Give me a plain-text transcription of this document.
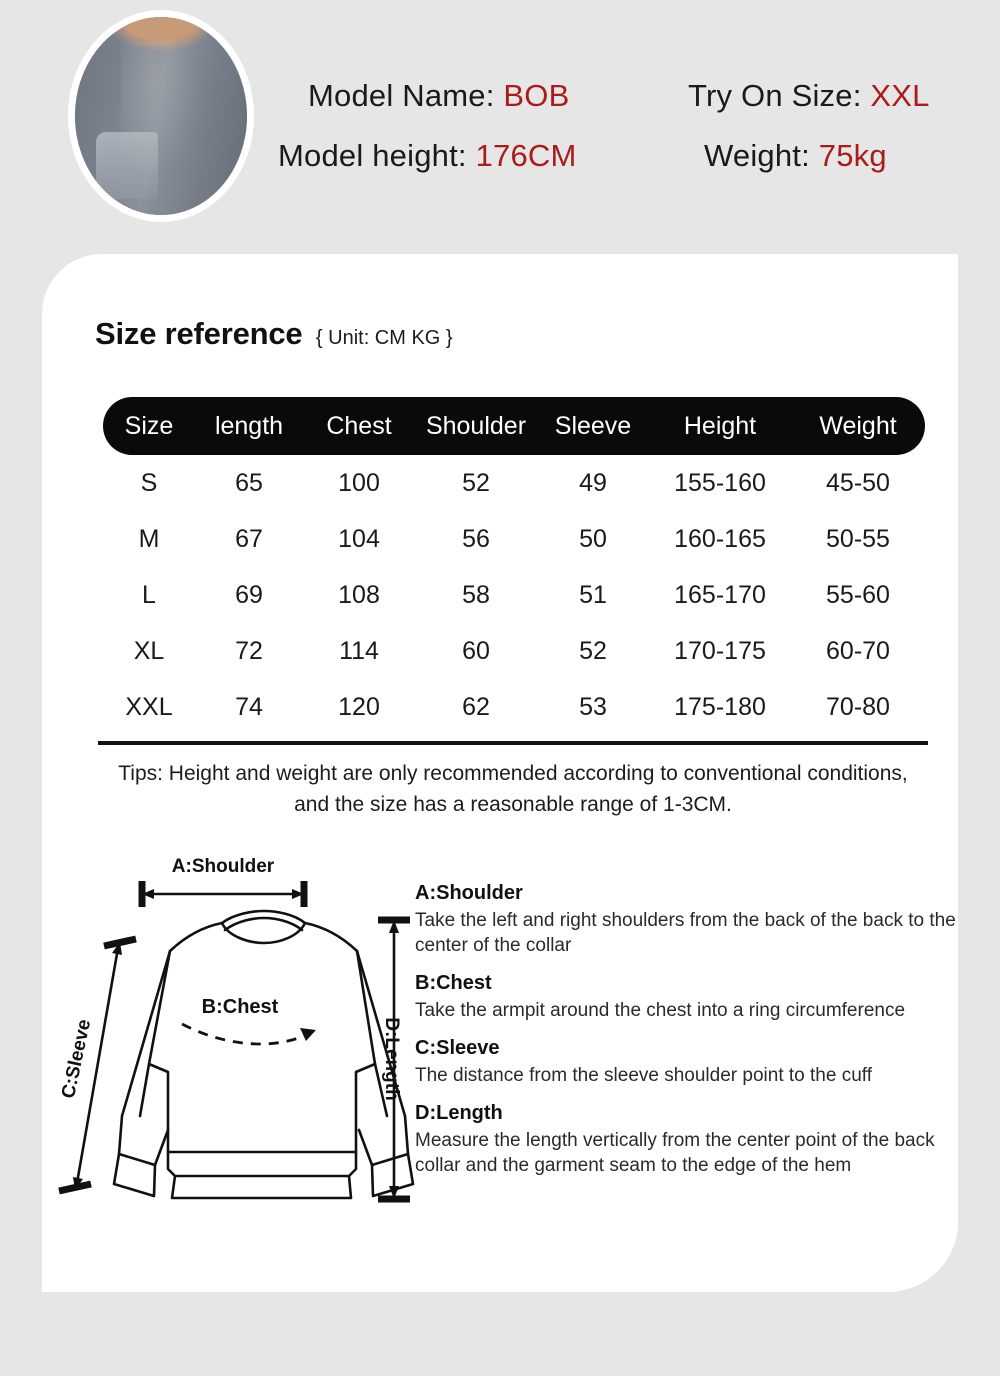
Model Name: BOB	Try On Size: XXL
Model height: 176CM	Weight: 75kg
Size reference { Unit: CM KG }
Size	length	Chest	Shoulder	Sleeve	Height	Weight
S	65	100	52	49	155-160	45-50
M	67	104	56	50	160-165	50-55
L	69	108	58	51	165-170	55-60
XL	72	114	60	52	170-175	60-70
XXL	74	120	62	53	175-180	70-80
Tips: Height and weight are only recommended according to conventional conditions, and the size has a reasonable range of 1-3CM.
A:Shoulder
D:Length
C:Sleeve
B:Chest
A:Shoulder
Take the left and right shoulders from the back of the back to the center of the collar
B:Chest
Take the armpit around the chest into a ring circumference
C:Sleeve
The distance from the sleeve shoulder point to the cuff
D:Length
Measure the length vertically from the center point of the back collar and the garment seam to the edge of the hem
